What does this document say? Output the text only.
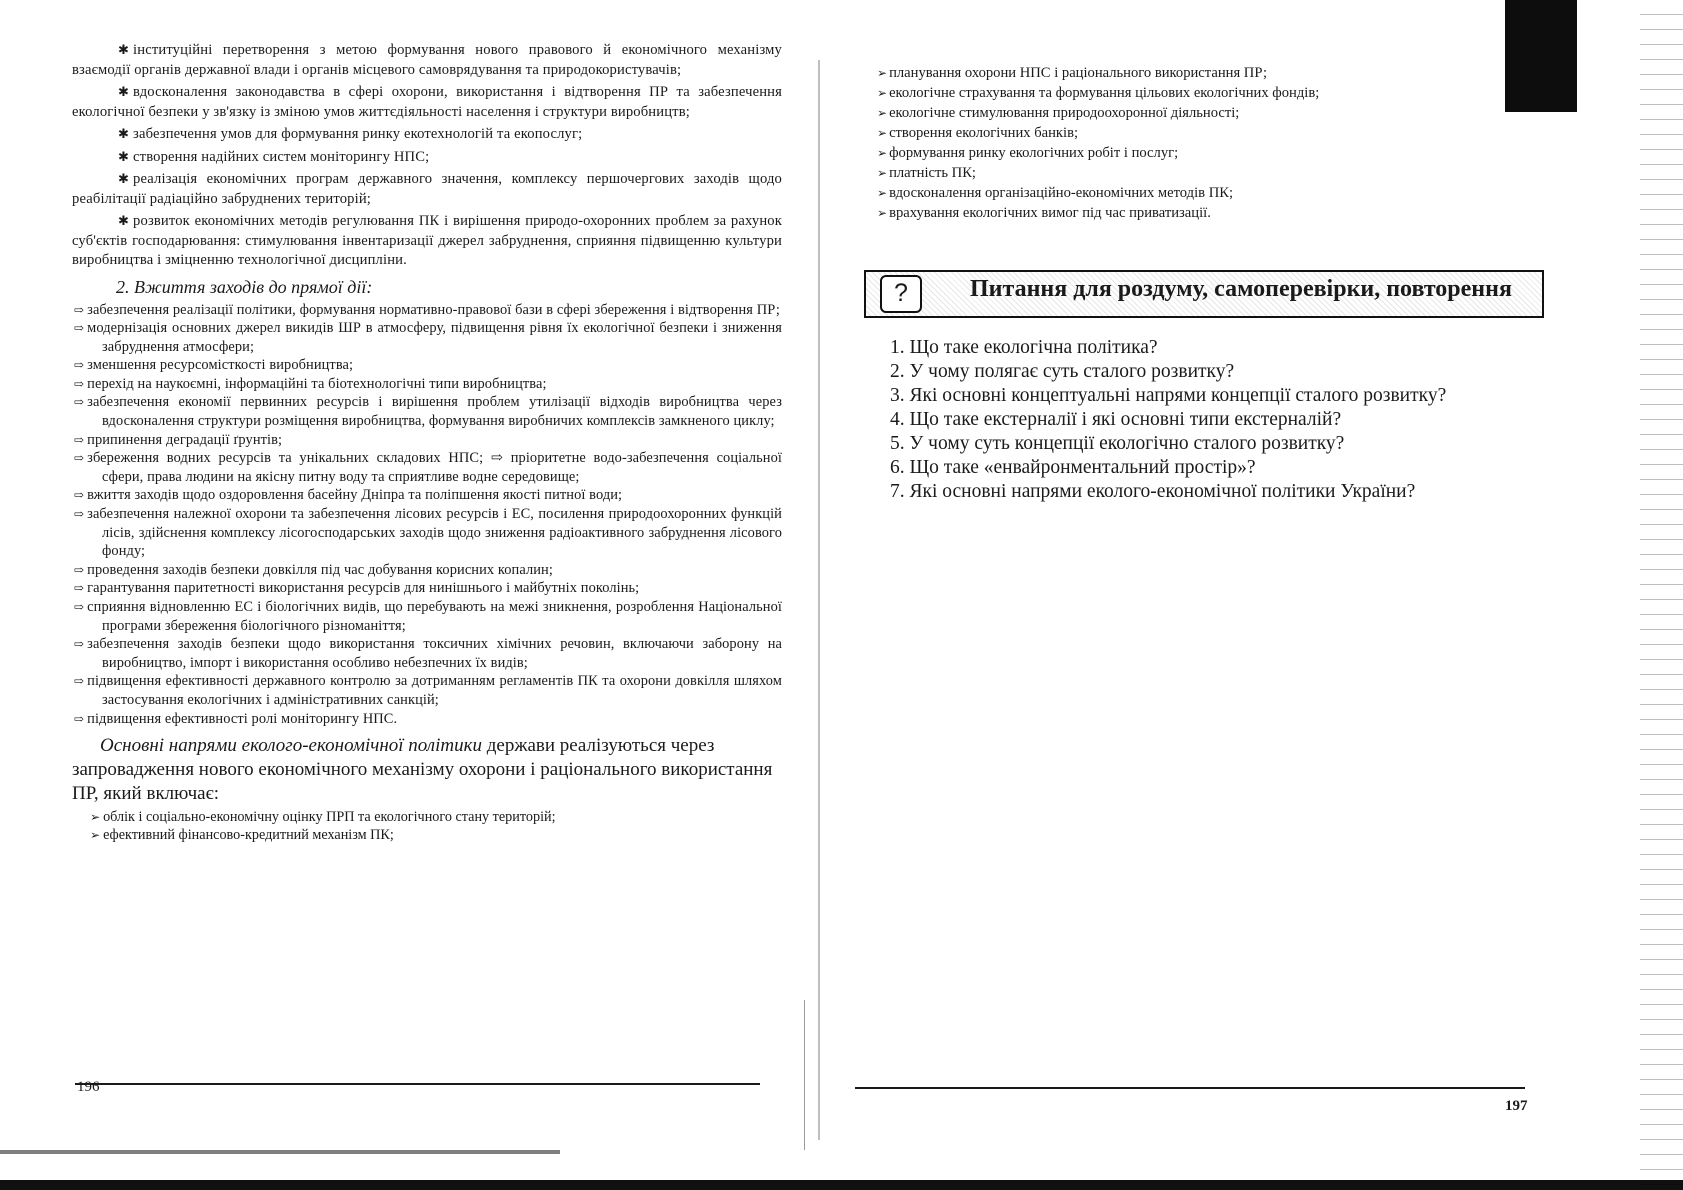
✱ інституційні перетворення з метою формування нового правового й економічного механізму взаємодії органів державної влади і органів місцевого самоврядування та природокористувачів;

✱ вдосконалення законодавства в сфері охорони, використання і відтворення ПР та забезпечення екологічної безпеки у зв'язку із зміною умов життєдіяльності населення і структури виробництв;

✱ забезпечення умов для формування ринку екотехнологій та екопослуг;

✱ створення надійних систем моніторингу НПС;

✱ реалізація економічних програм державного значення, комплексу першочергових заходів щодо реабілітації радіаційно забруднених територій;

✱ розвиток економічних методів регулювання ПК і вирішення природо-охоронних проблем за рахунок суб'єктів господарювання: стимулювання інвентаризації джерел забруднення, сприяння підвищенню культури виробництва і зміцненню технологічної дисципліни.

2. Вжиття заходів до прямої дії:

⇨ забезпечення реалізації політики, формування нормативно-правової бази в сфері збереження і відтворення ПР;

⇨ модернізація основних джерел викидів ШР в атмосферу, підвищення рівня їх екологічної безпеки і зниження забруднення атмосфери;

⇨ зменшення ресурсомісткості виробництва;

⇨ перехід на наукоємні, інформаційні та біотехнологічні типи виробництва;

⇨ забезпечення економії первинних ресурсів і вирішення проблем утилізації відходів виробництва через вдосконалення структури розміщення виробництва, формування виробничих комплексів замкненого циклу;

⇨ припинення деградації ґрунтів;

⇨ збереження водних ресурсів та унікальних складових НПС; ⇨ пріоритетне водо-забезпечення соціальної сфери, права людини на якісну питну воду та сприятливе водне середовище;

⇨ вжиття заходів щодо оздоровлення басейну Дніпра та поліпшення якості питної води;

⇨ забезпечення належної охорони та забезпечення лісових ресурсів і ЕС, посилення природоохоронних функцій лісів, здійснення комплексу лісогосподарських заходів щодо зниження радіоактивного забруднення лісового фонду;

⇨ проведення заходів безпеки довкілля під час добування корисних копалин;

⇨ гарантування паритетності використання ресурсів для нинішнього і майбутніх поколінь;

⇨ сприяння відновленню ЕС і біологічних видів, що перебувають на межі зникнення, розроблення Національної програми збереження біологічного різноманіття;

⇨ забезпечення заходів безпеки щодо використання токсичних хімічних речовин, включаючи заборону на виробництво, імпорт і використання особливо небезпечних їх видів;

⇨ підвищення ефективності державного контролю за дотриманням регламентів ПК та охорони довкілля шляхом застосування екологічних і адміністративних санкцій;

⇨ підвищення ефективності ролі моніторингу НПС.

Основні напрями еколого-економічної політики держави реалізуються через запровадження нового економічного механізму охорони і раціонального використання ПР, який включає:

➢ облік і соціально-економічну оцінку ПРП та екологічного стану територій;

➢ ефективний фінансово-кредитний механізм ПК;

196

➢ планування охорони НПС і раціонального використання ПР;

➢ екологічне страхування та формування цільових екологічних фондів;

➢ екологічне стимулювання природоохоронної діяльності;

➢ створення екологічних банків;

➢ формування ринку екологічних робіт і послуг;

➢ платність ПК;

➢ вдосконалення організаційно-економічних методів ПК;

➢ врахування екологічних вимог під час приватизації.

?	Питання для роздуму, самоперевірки, повторення
1. Що таке екологічна політика?
2. У чому полягає суть сталого розвитку?
3. Які основні концептуальні напрями концепції сталого розвитку?
4. Що таке екстерналії і які основні типи екстерналій?
5. У чому суть концепції екологічно сталого розвитку?
6. Що таке «енвайронментальний простір»?
7. Які основні напрями еколого-економічної політики України?
197
